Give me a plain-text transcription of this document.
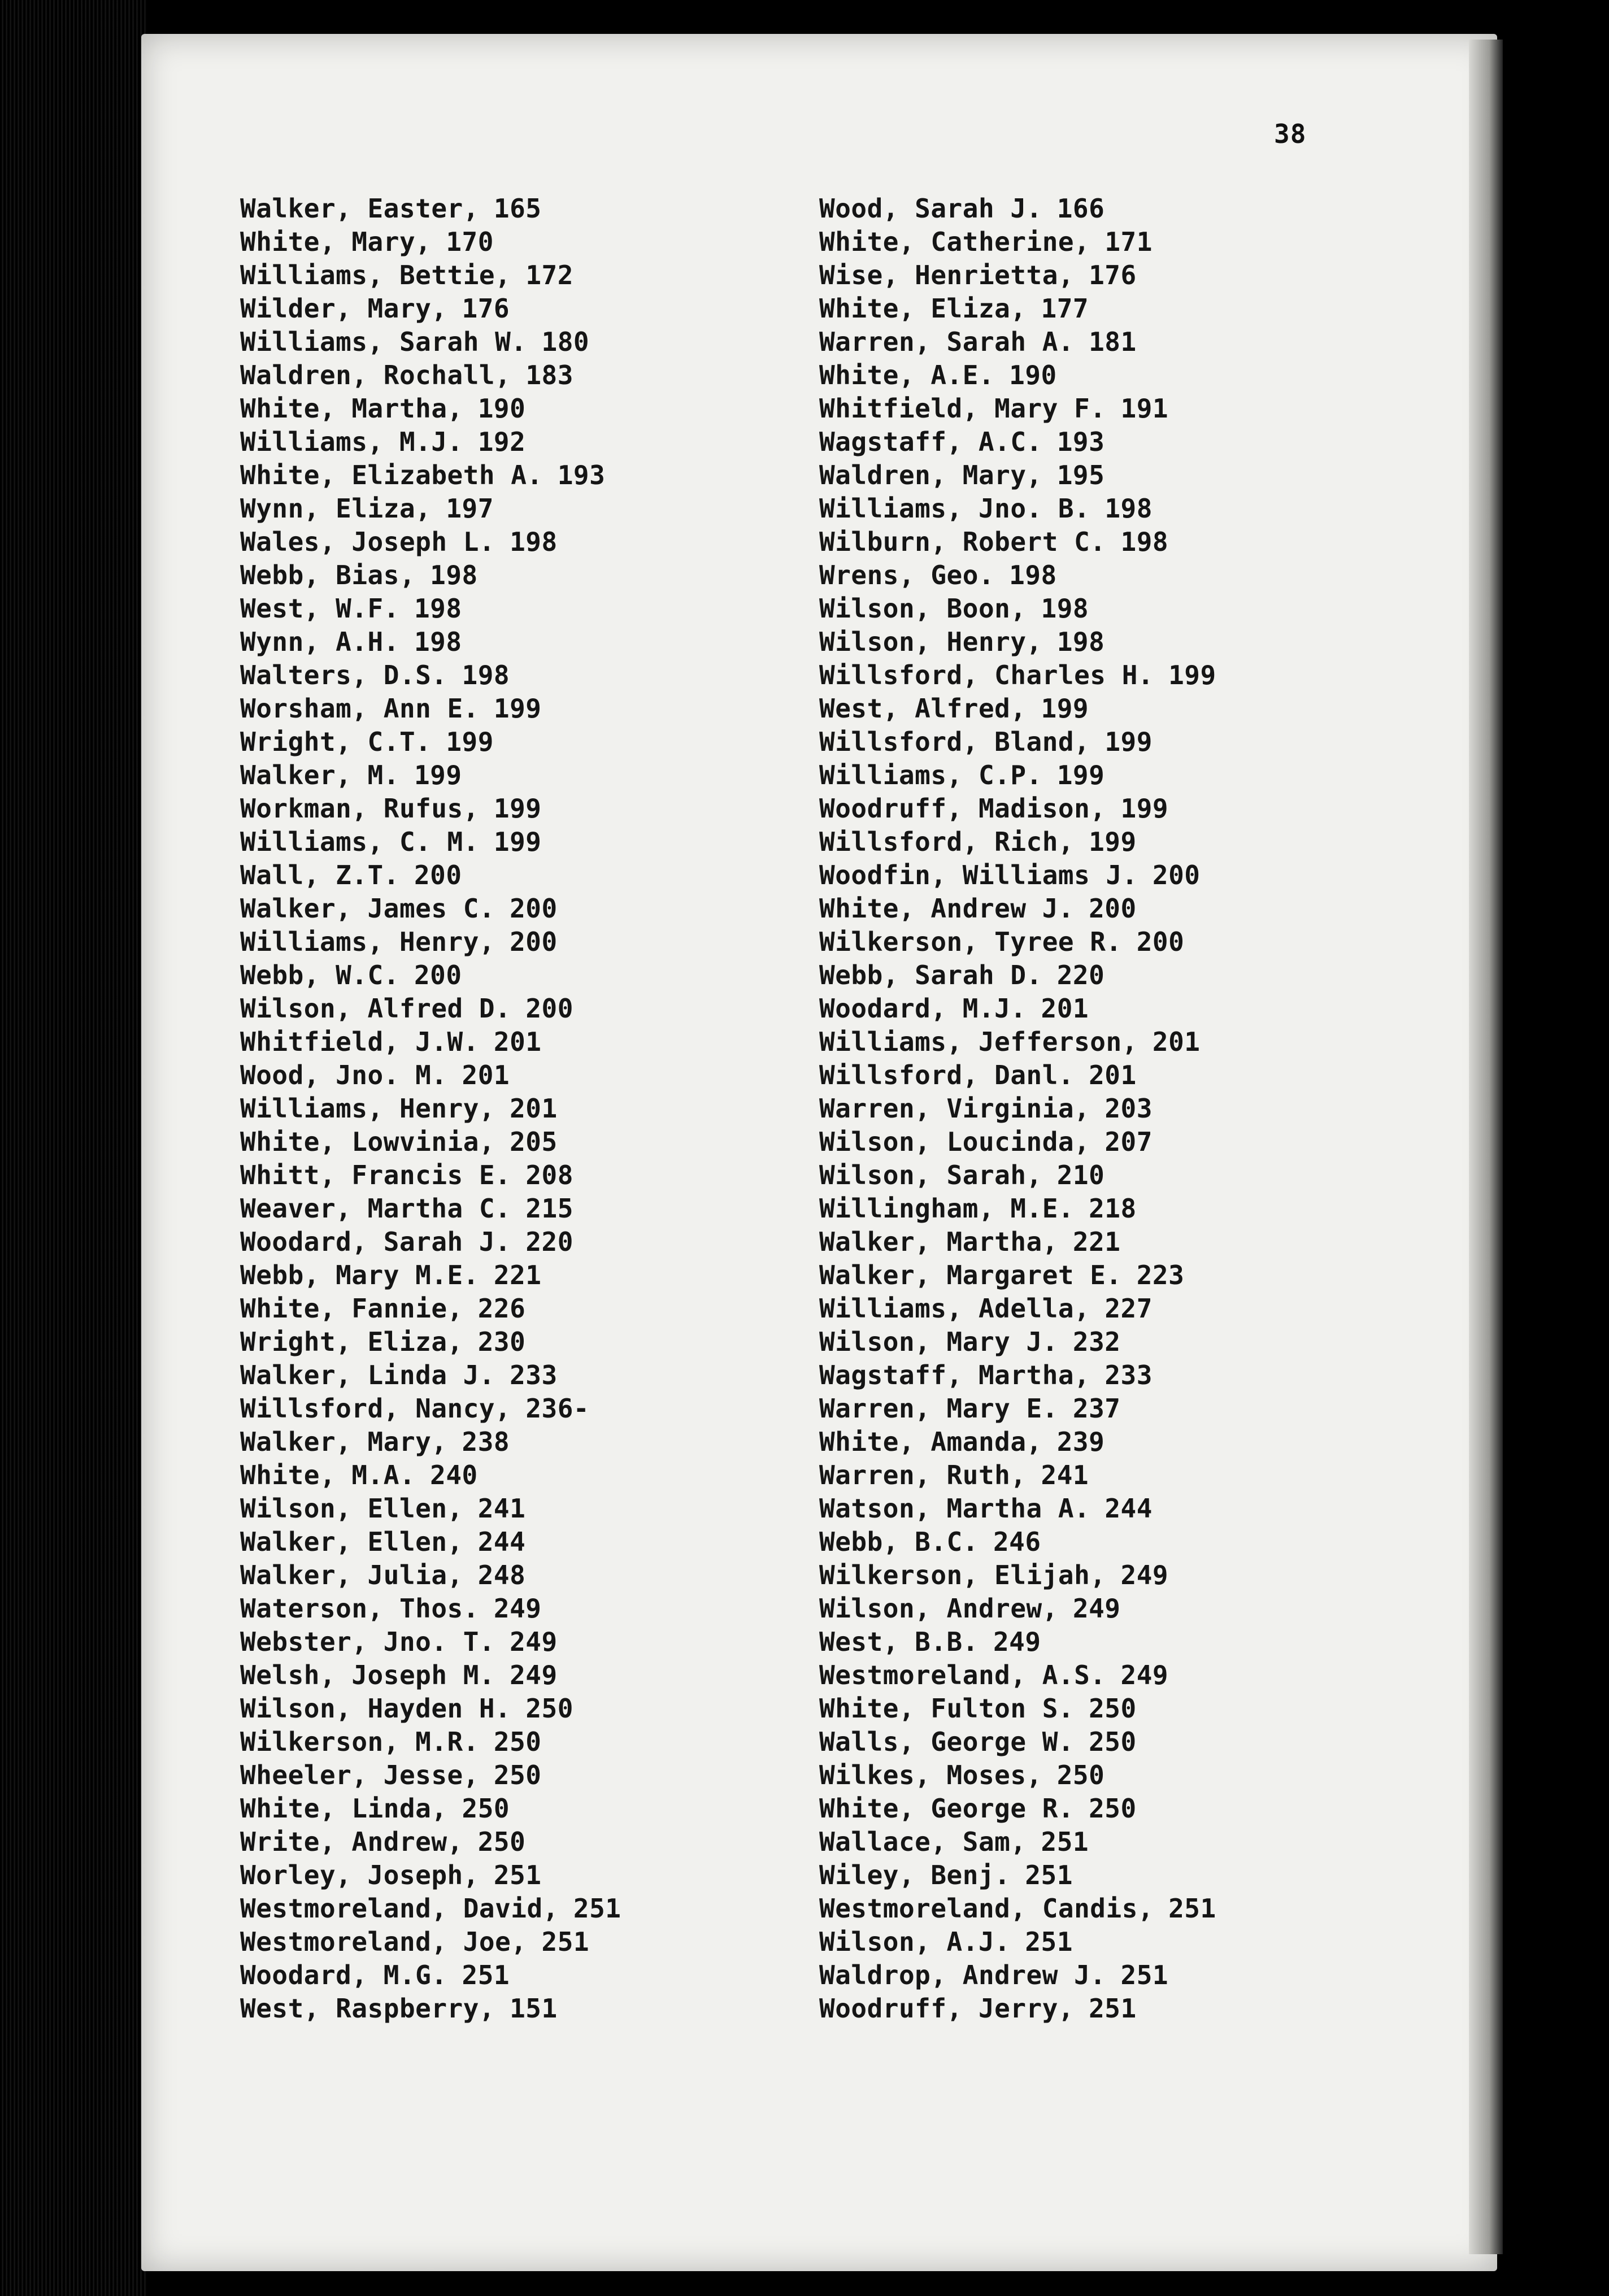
38
Walker, Easter, 165
White, Mary, 170
Williams, Bettie, 172
Wilder, Mary, 176
Williams, Sarah W. 180
Waldren, Rochall, 183
White, Martha, 190
Williams, M.J. 192
White, Elizabeth A. 193
Wynn, Eliza, 197
Wales, Joseph L. 198
Webb, Bias, 198
West, W.F. 198
Wynn, A.H. 198
Walters, D.S. 198
Worsham, Ann E. 199
Wright, C.T. 199
Walker, M. 199
Workman, Rufus, 199
Williams, C. M. 199
Wall, Z.T. 200
Walker, James C. 200
Williams, Henry, 200
Webb, W.C. 200
Wilson, Alfred D. 200
Whitfield, J.W. 201
Wood, Jno. M. 201
Williams, Henry, 201
White, Lowvinia, 205
Whitt, Francis E. 208
Weaver, Martha C. 215
Woodard, Sarah J. 220
Webb, Mary M.E. 221
White, Fannie, 226
Wright, Eliza, 230
Walker, Linda J. 233
Willsford, Nancy, 236-
Walker, Mary, 238
White, M.A. 240
Wilson, Ellen, 241
Walker, Ellen, 244
Walker, Julia, 248
Waterson, Thos. 249
Webster, Jno. T. 249
Welsh, Joseph M. 249
Wilson, Hayden H. 250
Wilkerson, M.R. 250
Wheeler, Jesse, 250
White, Linda, 250
Write, Andrew, 250
Worley, Joseph, 251
Westmoreland, David, 251
Westmoreland, Joe, 251
Woodard, M.G. 251
West, Raspberry, 151
Wood, Sarah J. 166
White, Catherine, 171
Wise, Henrietta, 176
White, Eliza, 177
Warren, Sarah A. 181
White, A.E. 190
Whitfield, Mary F. 191
Wagstaff, A.C. 193
Waldren, Mary, 195
Williams, Jno. B. 198
Wilburn, Robert C. 198
Wrens, Geo. 198
Wilson, Boon, 198
Wilson, Henry, 198
Willsford, Charles H. 199
West, Alfred, 199
Willsford, Bland, 199
Williams, C.P. 199
Woodruff, Madison, 199
Willsford, Rich, 199
Woodfin, Williams J. 200
White, Andrew J. 200
Wilkerson, Tyree R. 200
Webb, Sarah D. 220
Woodard, M.J. 201
Williams, Jefferson, 201
Willsford, Danl. 201
Warren, Virginia, 203
Wilson, Loucinda, 207
Wilson, Sarah, 210
Willingham, M.E. 218
Walker, Martha, 221
Walker, Margaret E. 223
Williams, Adella, 227
Wilson, Mary J. 232
Wagstaff, Martha, 233
Warren, Mary E. 237
White, Amanda, 239
Warren, Ruth, 241
Watson, Martha A. 244
Webb, B.C. 246
Wilkerson, Elijah, 249
Wilson, Andrew, 249
West, B.B. 249
Westmoreland, A.S. 249
White, Fulton S. 250
Walls, George W. 250
Wilkes, Moses, 250
White, George R. 250
Wallace, Sam, 251
Wiley, Benj. 251
Westmoreland, Candis, 251
Wilson, A.J. 251
Waldrop, Andrew J. 251
Woodruff, Jerry, 251
